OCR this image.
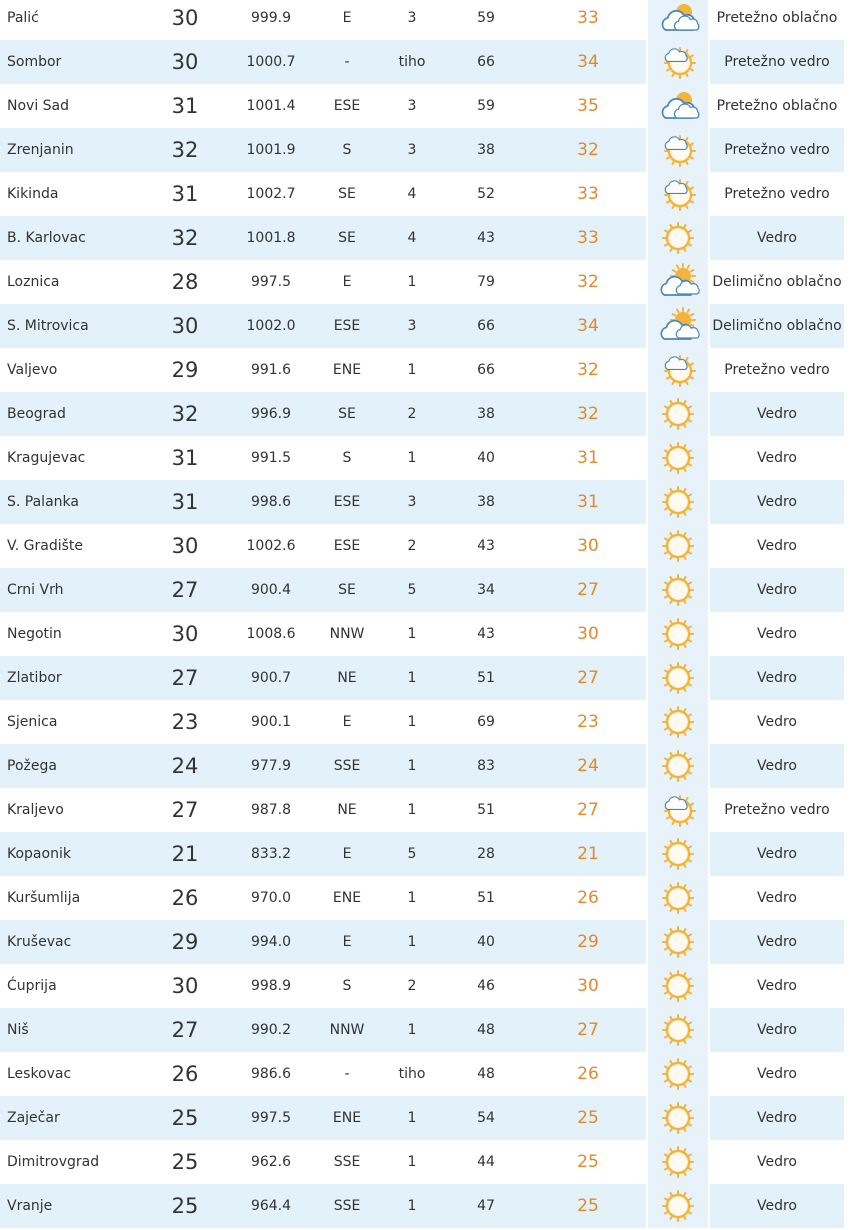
Palić	30	999.9	E	3	59	33		Pretežno oblačno
Sombor	30	1000.7	-	tiho	66	34		Pretežno vedro
Novi Sad	31	1001.4	ESE	3	59	35		Pretežno oblačno
Zrenjanin	32	1001.9	S	3	38	32		Pretežno vedro
Kikinda	31	1002.7	SE	4	52	33		Pretežno vedro
B. Karlovac	32	1001.8	SE	4	43	33		Vedro
Loznica	28	997.5	E	1	79	32		Delimično oblačno
S. Mitrovica	30	1002.0	ESE	3	66	34		Delimično oblačno
Valjevo	29	991.6	ENE	1	66	32		Pretežno vedro
Beograd	32	996.9	SE	2	38	32		Vedro
Kragujevac	31	991.5	S	1	40	31		Vedro
S. Palanka	31	998.6	ESE	3	38	31		Vedro
V. Gradište	30	1002.6	ESE	2	43	30		Vedro
Crni Vrh	27	900.4	SE	5	34	27		Vedro
Negotin	30	1008.6	NNW	1	43	30		Vedro
Zlatibor	27	900.7	NE	1	51	27		Vedro
Sjenica	23	900.1	E	1	69	23		Vedro
Požega	24	977.9	SSE	1	83	24		Vedro
Kraljevo	27	987.8	NE	1	51	27		Pretežno vedro
Kopaonik	21	833.2	E	5	28	21		Vedro
Kuršumlija	26	970.0	ENE	1	51	26		Vedro
Kruševac	29	994.0	E	1	40	29		Vedro
Ćuprija	30	998.9	S	2	46	30		Vedro
Niš	27	990.2	NNW	1	48	27		Vedro
Leskovac	26	986.6	-	tiho	48	26		Vedro
Zaječar	25	997.5	ENE	1	54	25		Vedro
Dimitrovgrad	25	962.6	SSE	1	44	25		Vedro
Vranje	25	964.4	SSE	1	47	25		Vedro
